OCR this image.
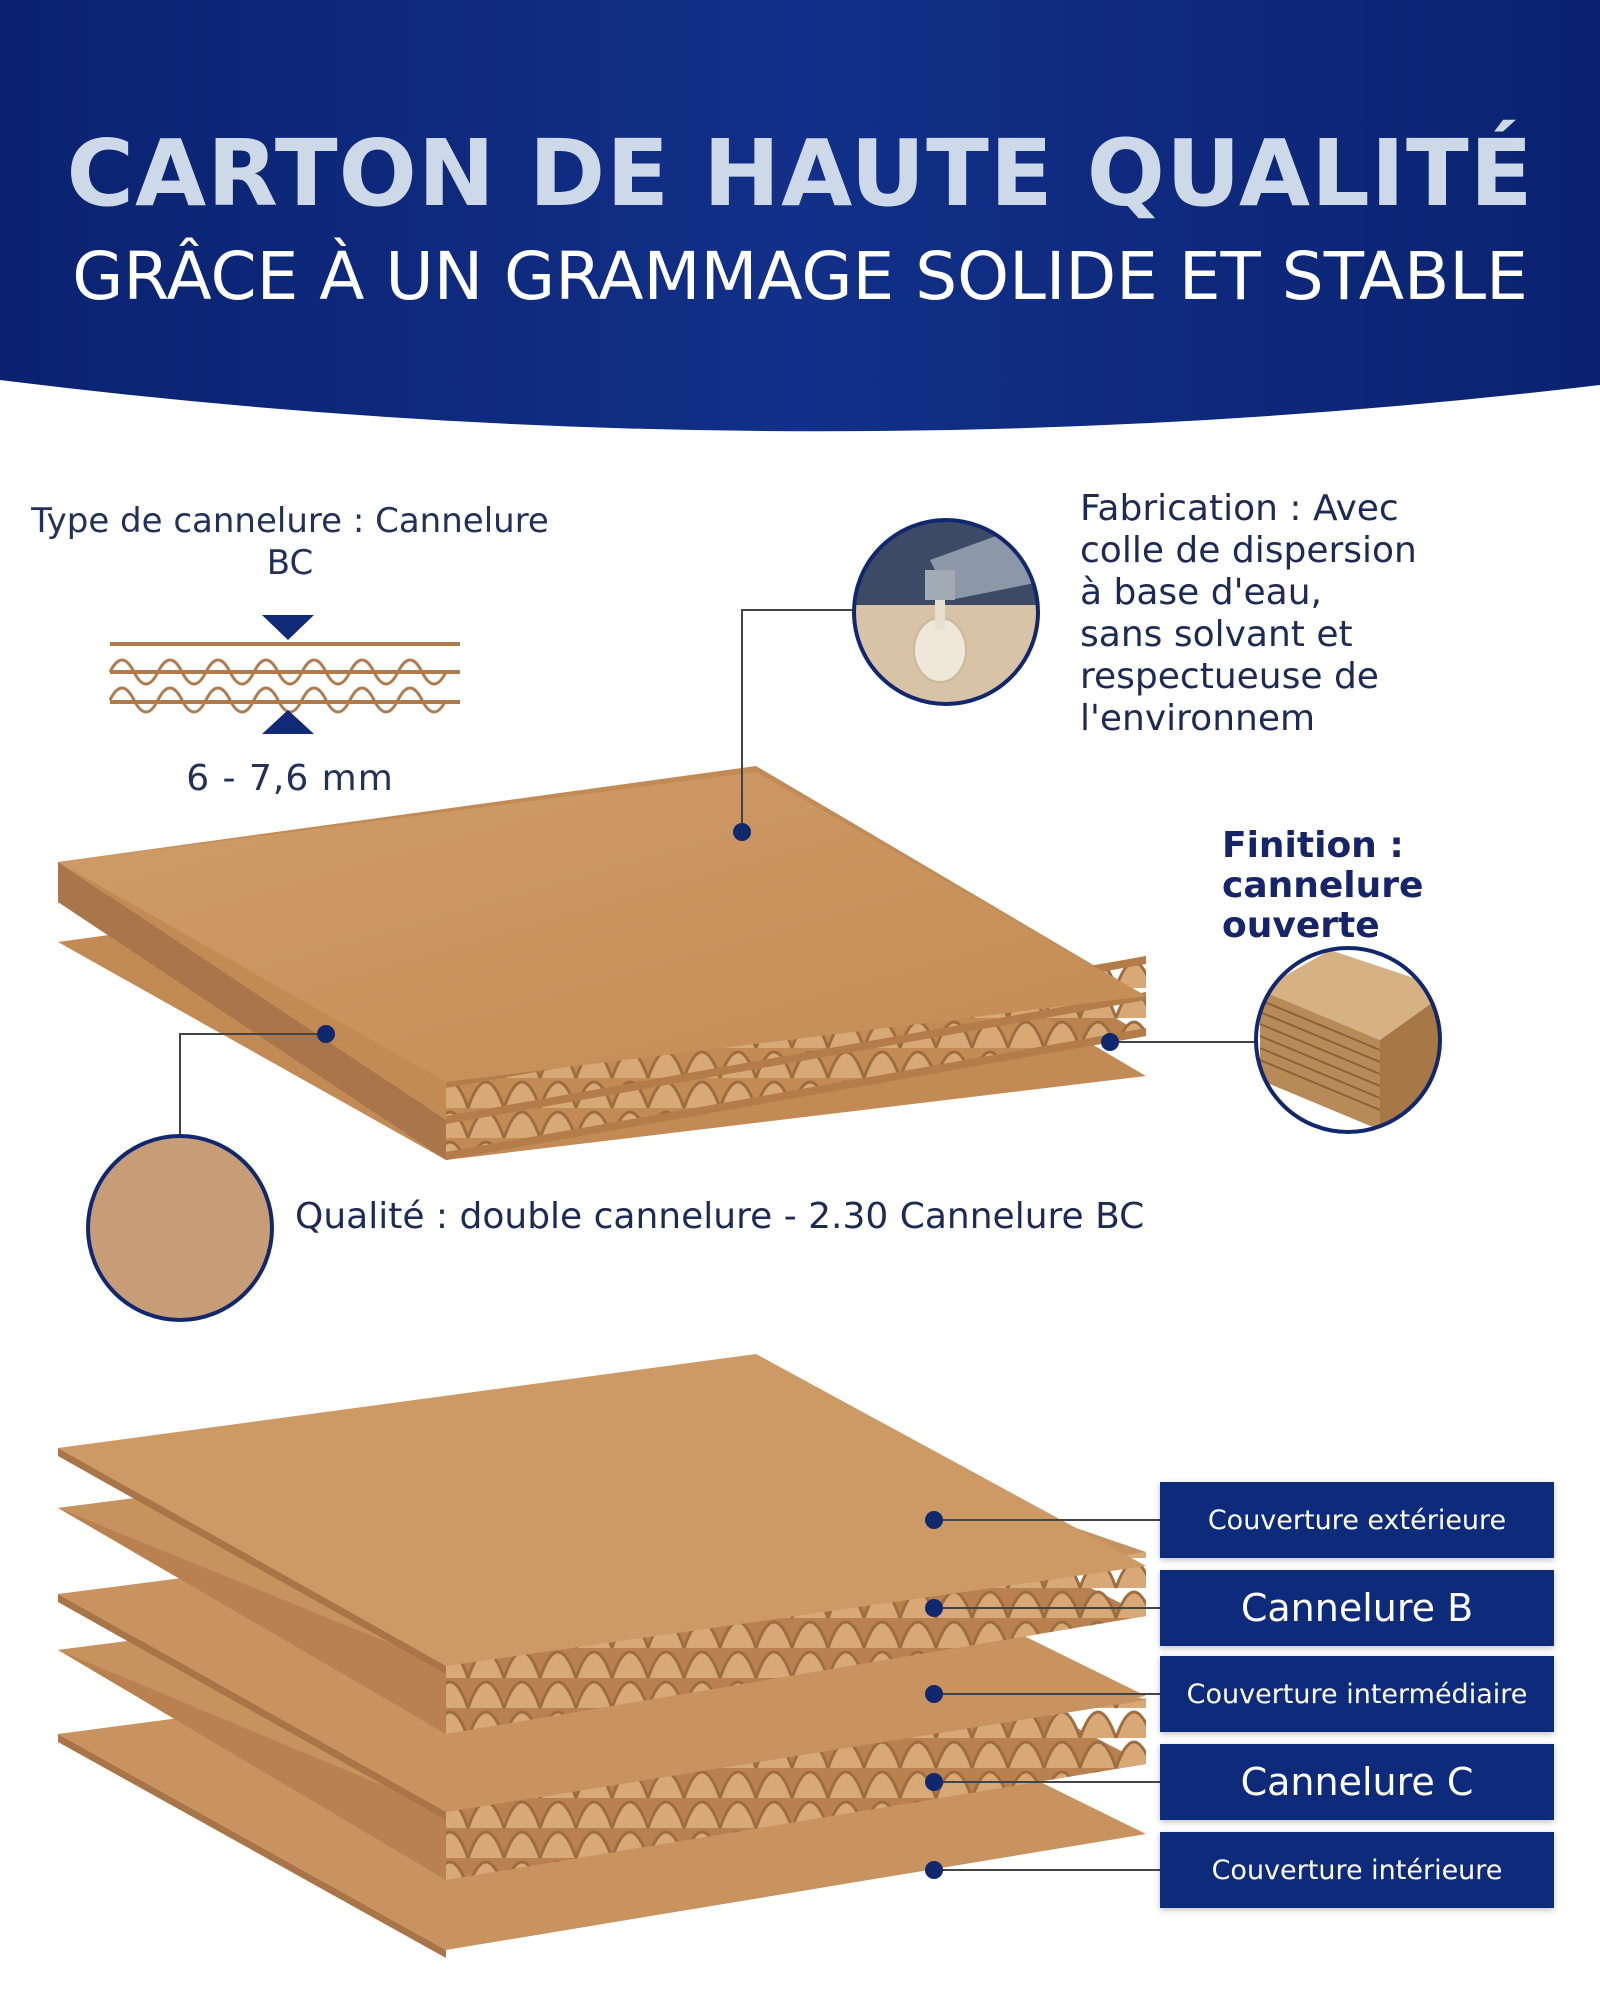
CARTON DE HAUTE QUALITÉ
GRÂCE À UN GRAMMAGE SOLIDE ET STABLE
Type de cannelure : Cannelure BC
6 - 7,6 mm
Fabrication : Avec
colle de dispersion
à base d'eau,
sans solvant et
respectueuse de l'environnem
Finition : cannelure ouverte
Qualité : double cannelure - 2.30 Cannelure BC
Couverture extérieure
Cannelure B
Couverture intermédiaire
Cannelure C
Couverture intérieure
